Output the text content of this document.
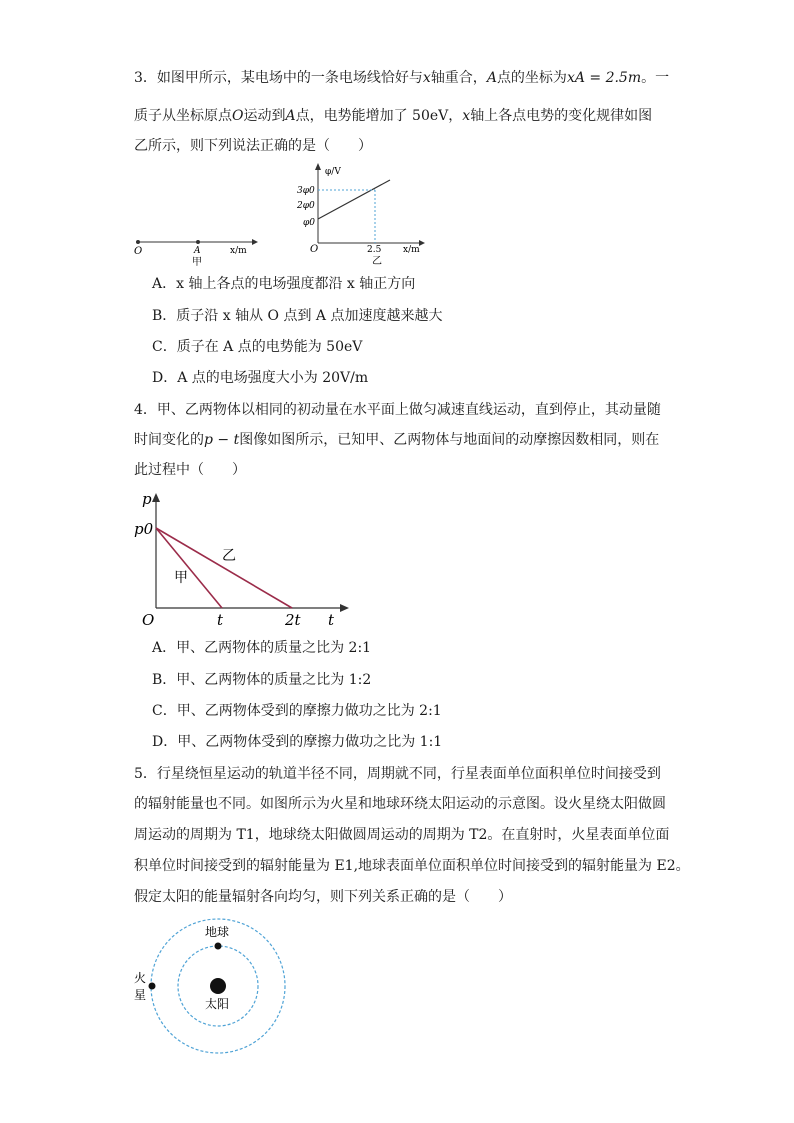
3．如图甲所示，某电场中的一条电场线恰好与x轴重合，A点的坐标为xA = 2.5m。一
质子从坐标原点O运动到A点，电势能增加了 50eV，x轴上各点电势的变化规律如图
乙所示，则下列说法正确的是（　　）
O	A	x/m
甲
φ/V
3φ0
2φ0
φ0
O	2.5 x/m
乙
A．x 轴上各点的电场强度都沿 x 轴正方向
B．质子沿 x 轴从 O 点到 A 点加速度越来越大
C．质子在 A 点的电势能为 50eV
D．A 点的电场强度大小为 20V/m
4．甲、乙两物体以相同的初动量在水平面上做匀减速直线运动，直到停止，其动量随
时间变化的p − t图像如图所示，已知甲、乙两物体与地面间的动摩擦因数相同，则在
此过程中（　　）
p
p0
O	t	2t t
甲
乙
A．甲、乙两物体的质量之比为 2:1
B．甲、乙两物体的质量之比为 1:2
C．甲、乙两物体受到的摩擦力做功之比为 2:1
D．甲、乙两物体受到的摩擦力做功之比为 1:1
5．行星绕恒星运动的轨道半径不同，周期就不同，行星表面单位面积单位时间接受到
的辐射能量也不同。如图所示为火星和地球环绕太阳运动的示意图。设火星绕太阳做圆
周运动的周期为 T1，地球绕太阳做圆周运动的周期为 T2。在直射时，火星表面单位面
积单位时间接受到的辐射能量为 E1,地球表面单位面积单位时间接受到的辐射能量为 E2。
假定太阳的能量辐射各向均匀，则下列关系正确的是（　　）
地球
太阳
火
星
